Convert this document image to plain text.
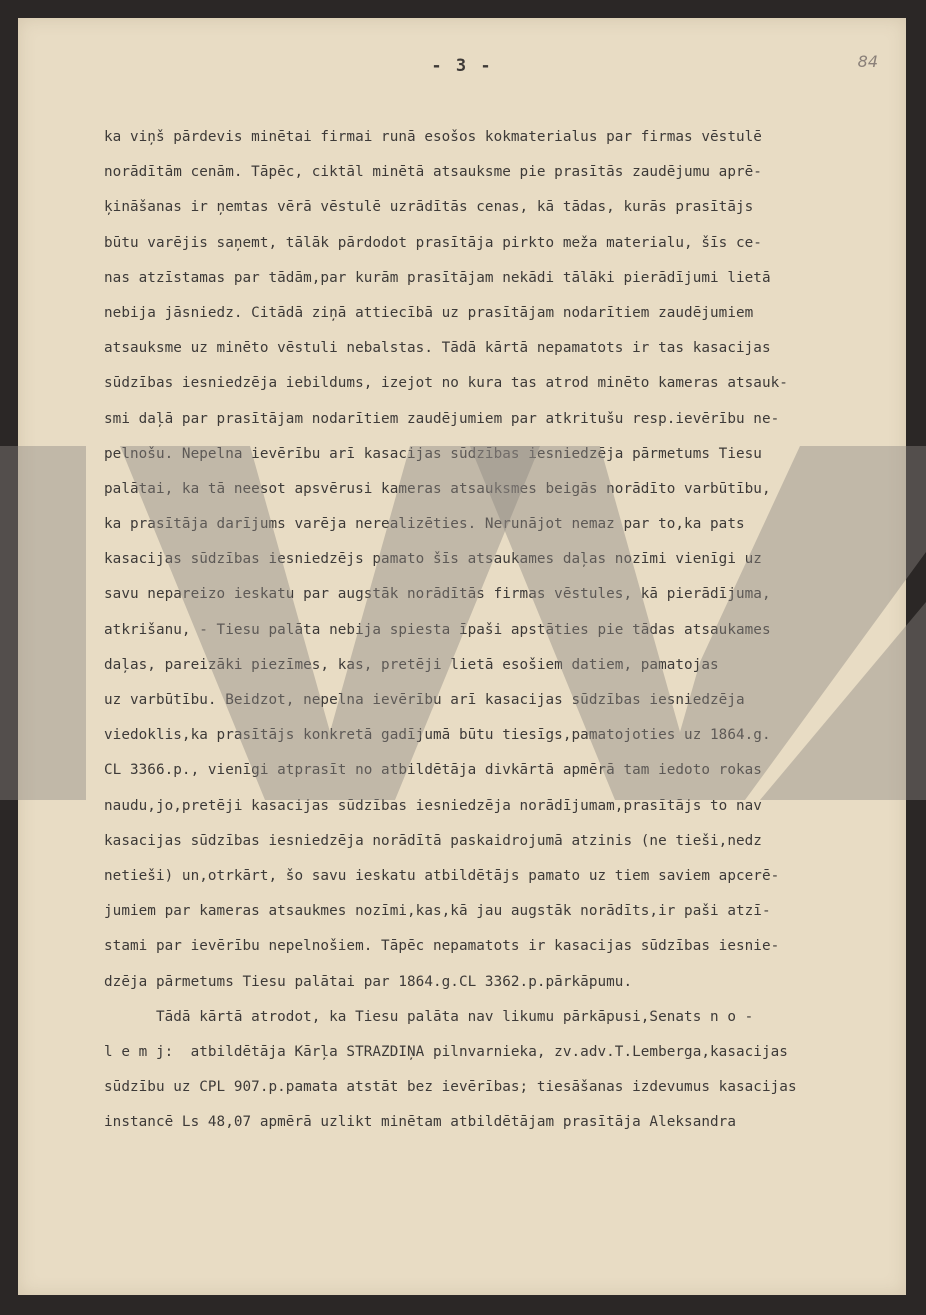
- 3 -	84
ka viņš pārdevis minētai firmai runā esošos kokmaterialus par firmas vēstulē
norādītām cenām. Tāpēc, ciktāl minētā atsauksme pie prasītās zaudējumu aprē-
ķināšanas ir ņemtas vērā vēstulē uzrādītās cenas, kā tādas, kurās prasītājs
būtu varējis saņemt, tālāk pārdodot prasītāja pirkto meža materialu, šīs ce-
nas atzīstamas par tādām,par kurām prasītājam nekādi tālāki pierādījumi lietā
nebija jāsniedz. Citādā ziņā attiecībā uz prasītājam nodarītiem zaudējumiem
atsauksme uz minēto vēstuli nebalstas. Tādā kārtā nepamatots ir tas kasacijas
sūdzības iesniedzēja iebildums, izejot no kura tas atrod minēto kameras atsauk-
smi daļā par prasītājam nodarītiem zaudējumiem par atkritušu resp.ievērību ne-
pelnošu. Nepelna ievērību arī kasacijas sūdzības iesniedzēja pārmetums Tiesu
palātai, ka tā neesot apsvērusi kameras atsauksmes beigās norādīto varbūtību,
ka prasītāja darījums varēja nerealizēties. Nerunājot nemaz par to,ka pats
kasacijas sūdzības iesniedzējs pamato šīs atsaukames daļas nozīmi vienīgi uz
savu nepareizo ieskatu par augstāk norādītās firmas vēstules, kā pierādījuma,
atkrišanu, - Tiesu palāta nebija spiesta īpaši apstāties pie tādas atsaukames
daļas, pareizāki piezīmes, kas, pretēji lietā esošiem datiem, pamatojas
uz varbūtību. Beidzot, nepelna ievērību arī kasacijas sūdzības iesniedzēja
viedoklis,ka prasītājs konkretā gadījumā būtu tiesīgs,pamatojoties uz 1864.g.
CL 3366.p., vienīgi atprasīt no atbildētāja divkārtā apmērā tam iedoto rokas
naudu,jo,pretēji kasacijas sūdzības iesniedzēja norādījumam,prasītājs to nav
kasacijas sūdzības iesniedzēja norādītā paskaidrojumā atzinis (ne tieši,nedz
netieši) un,otrkārt, šo savu ieskatu atbildētājs pamato uz tiem saviem apcerē-
jumiem par kameras atsaukmes nozīmi,kas,kā jau augstāk norādīts,ir paši atzī-
stami par ievērību nepelnošiem. Tāpēc nepamatots ir kasacijas sūdzības iesnie-
dzēja pārmetums Tiesu palātai par 1864.g.CL 3362.p.pārkāpumu.
Tādā kārtā atrodot, ka Tiesu palāta nav likumu pārkāpusi,Senats n o -
l e m j:  atbildētāja Kārļa STRAZDIŅA pilnvarnieka, zv.adv.T.Lemberga,kasacijas
sūdzību uz CPL 907.p.pamata atstāt bez ievērības; tiesāšanas izdevumus kasacijas
instancē Ls 48,07 apmērā uzlikt minētam atbildētājam prasītāja Aleksandra
